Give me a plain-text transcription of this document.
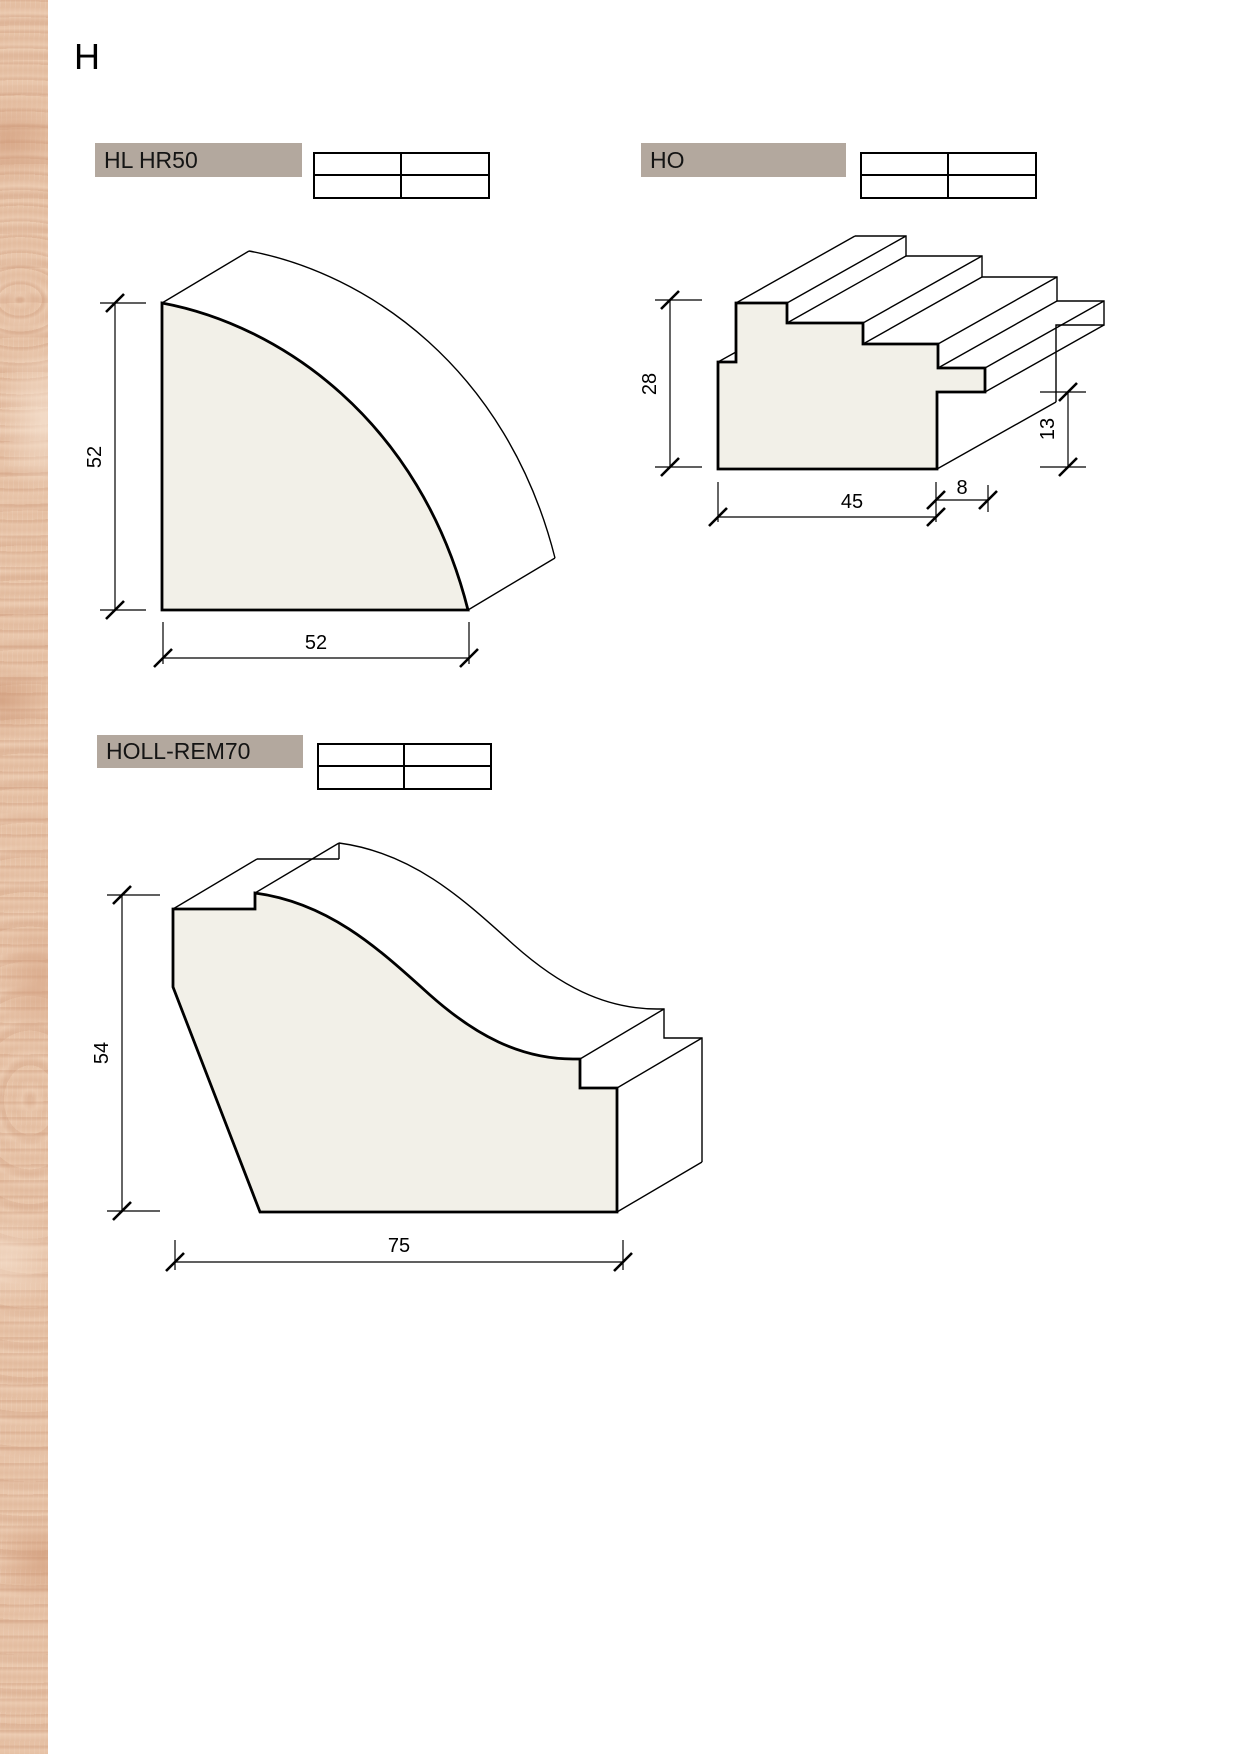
H
HL HR50	HO
HOLL-REM70
52
52
28
45
8
13
54
75
